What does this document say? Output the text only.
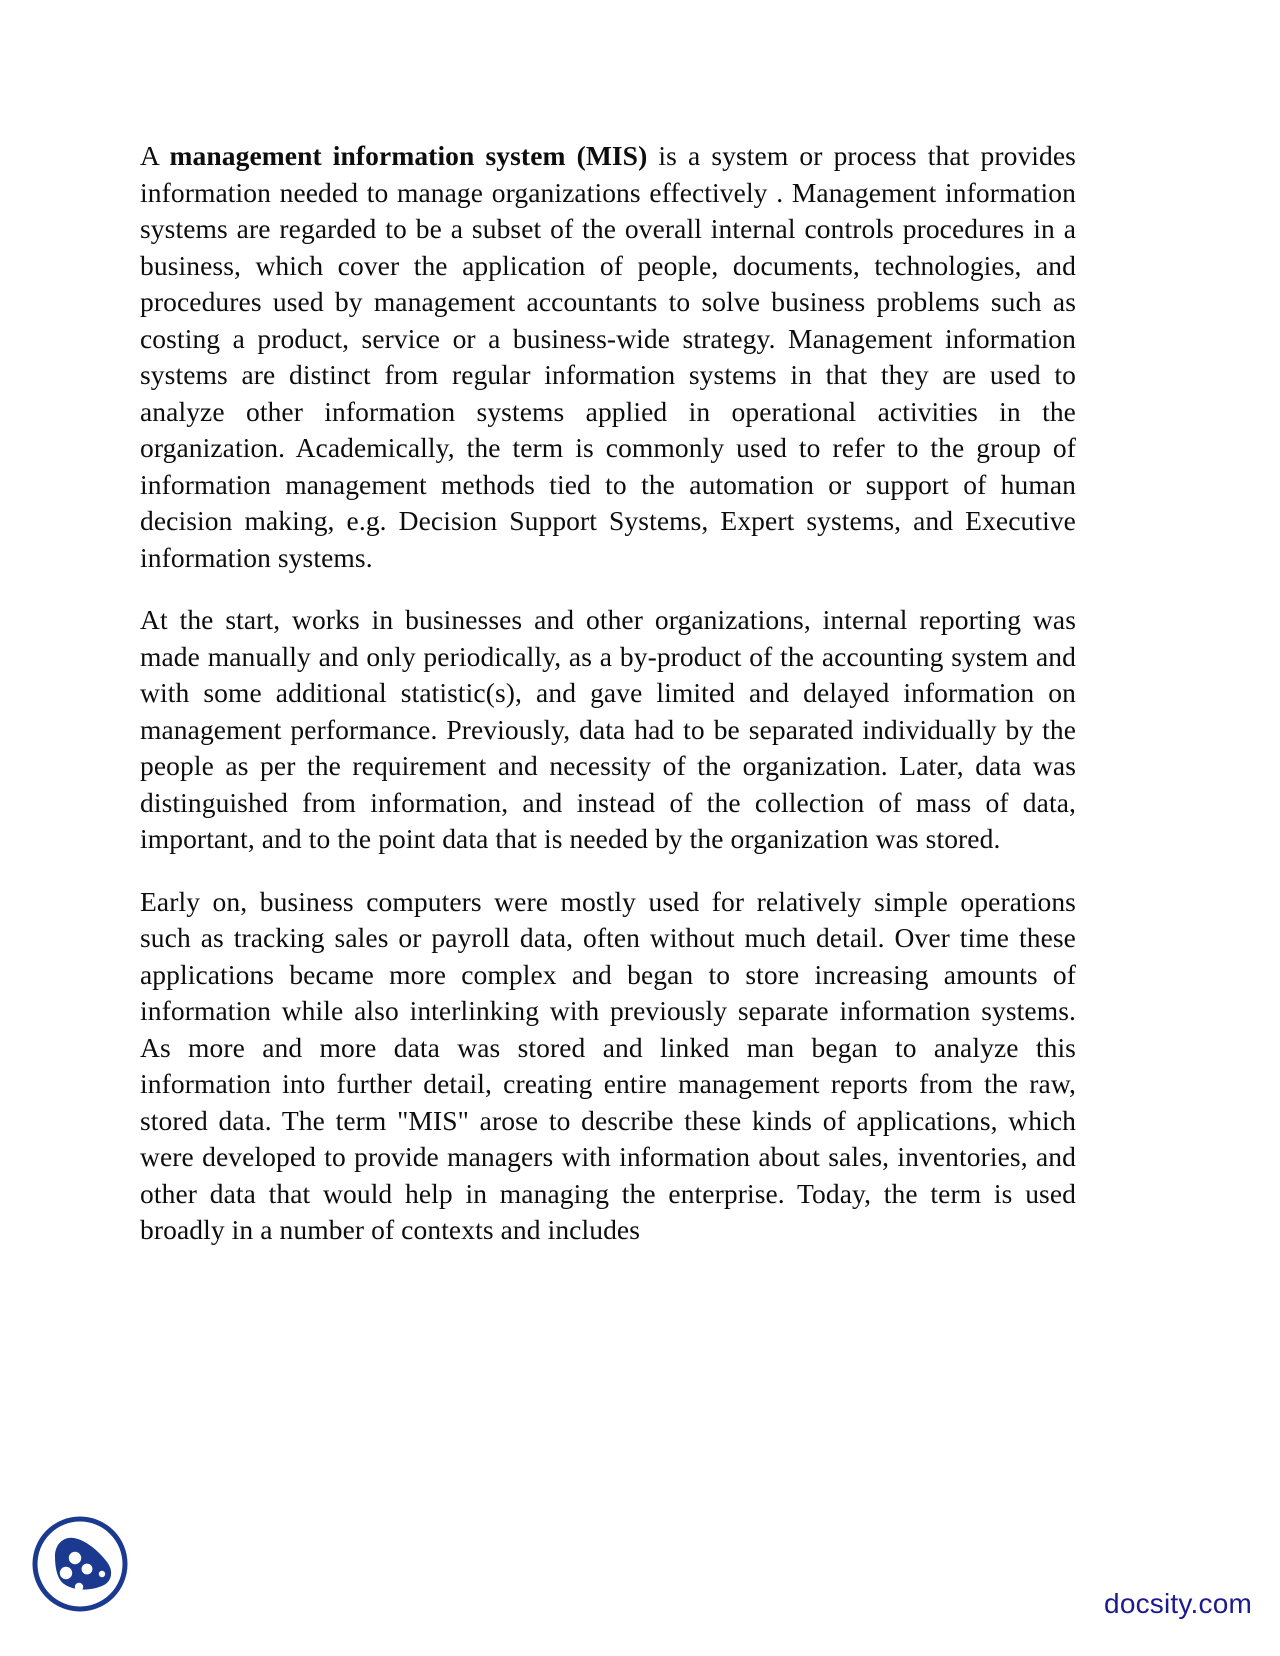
A management information system (MIS) is a system or process that provides information needed to manage organizations effectively . Management information systems are regarded to be a subset of the overall internal controls procedures in a business, which cover the application of people, documents, technologies, and procedures used by management accountants to solve business problems such as costing a product, service or a business-wide strategy. Management information systems are distinct from regular information systems in that they are used to analyze other information systems applied in operational activities in the organization. Academically, the term is commonly used to refer to the group of information management methods tied to the automation or support of human decision making, e.g. Decision Support Systems, Expert systems, and Executive information systems.

At the start, works in businesses and other organizations, internal reporting was made manually and only periodically, as a by-product of the accounting system and with some additional statistic(s), and gave limited and delayed information on management performance. Previously, data had to be separated individually by the people as per the requirement and necessity of the organization. Later, data was distinguished from information, and instead of the collection of mass of data, important, and to the point data that is needed by the organization was stored.

Early on, business computers were mostly used for relatively simple operations such as tracking sales or payroll data, often without much detail. Over time these applications became more complex and began to store increasing amounts of information while also interlinking with previously separate information systems. As more and more data was stored and linked man began to analyze this information into further detail, creating entire management reports from the raw, stored data. The term "MIS" arose to describe these kinds of applications, which were developed to provide managers with information about sales, inventories, and other data that would help in managing the enterprise. Today, the term is used broadly in a number of contexts and includes

docsity.com
